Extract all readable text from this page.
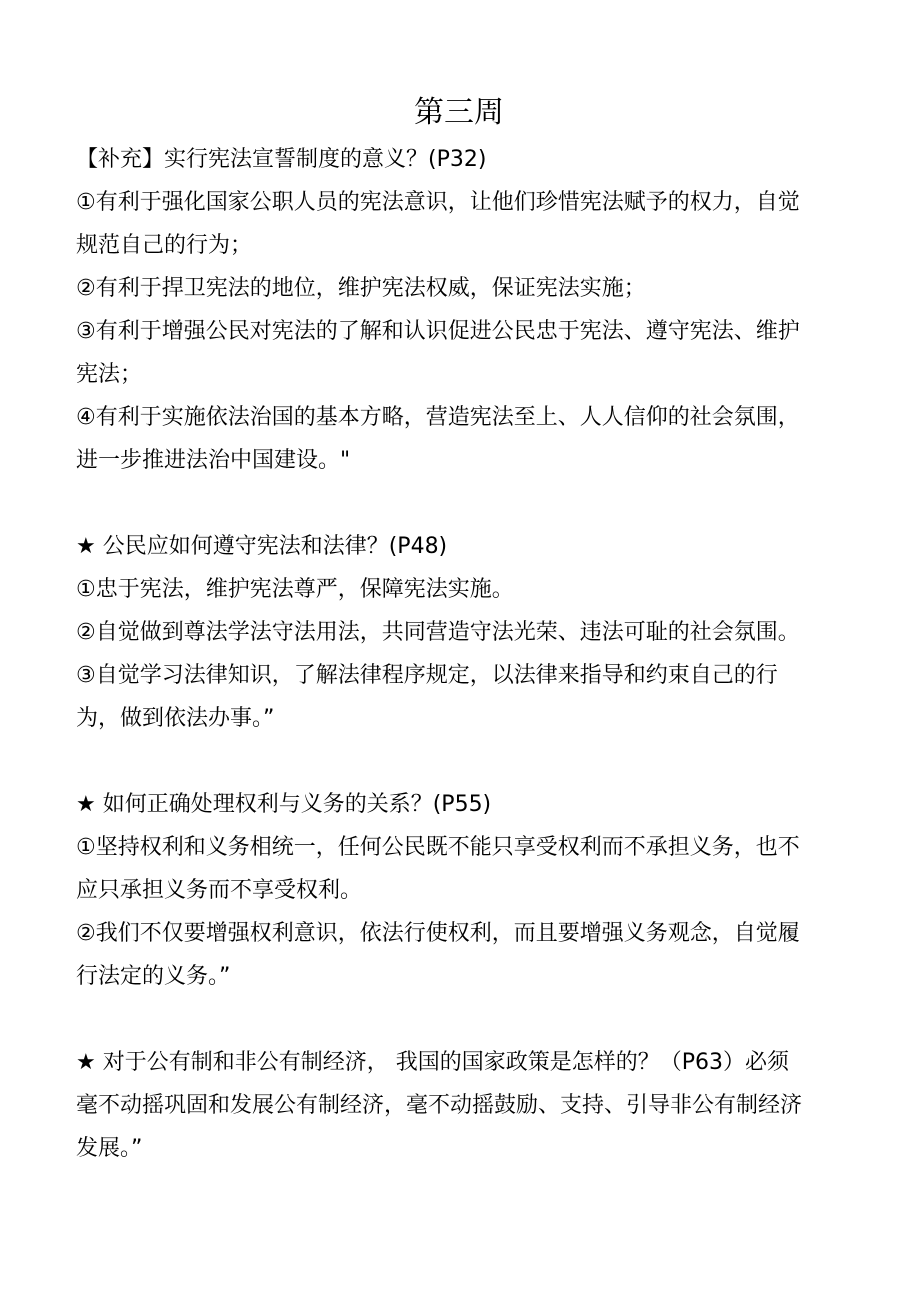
第三周

【补充】实行宪法宣誓制度的意义？(P32)

①有利于强化国家公职人员的宪法意识，让他们珍惜宪法赋予的权力，自觉

规范自己的行为；

②有利于捍卫宪法的地位，维护宪法权威，保证宪法实施；

③有利于增强公民对宪法的了解和认识促进公民忠于宪法、遵守宪法、维护

宪法；

④有利于实施依法治国的基本方略，营造宪法至上、人人信仰的社会氛围，

进一步推进法治中国建设。"

★ 公民应如何遵守宪法和法律？(P48)

①忠于宪法，维护宪法尊严，保障宪法实施。

②自觉做到尊法学法守法用法，共同营造守法光荣、违法可耻的社会氛围。

③自觉学习法律知识，了解法律程序规定，以法律来指导和约束自己的行

为，做到依法办事。”

★ 如何正确处理权利与义务的关系？(P55)

①坚持权利和义务相统一，任何公民既不能只享受权利而不承担义务，也不

应只承担义务而不享受权利。

②我们不仅要增强权利意识，依法行使权利，而且要增强义务观念，自觉履

行法定的义务。”

★ 对于公有制和非公有制经济， 我国的国家政策是怎样的？（P63）必须

毫不动摇巩固和发展公有制经济，毫不动摇鼓励、支持、引导非公有制经济

发展。”
